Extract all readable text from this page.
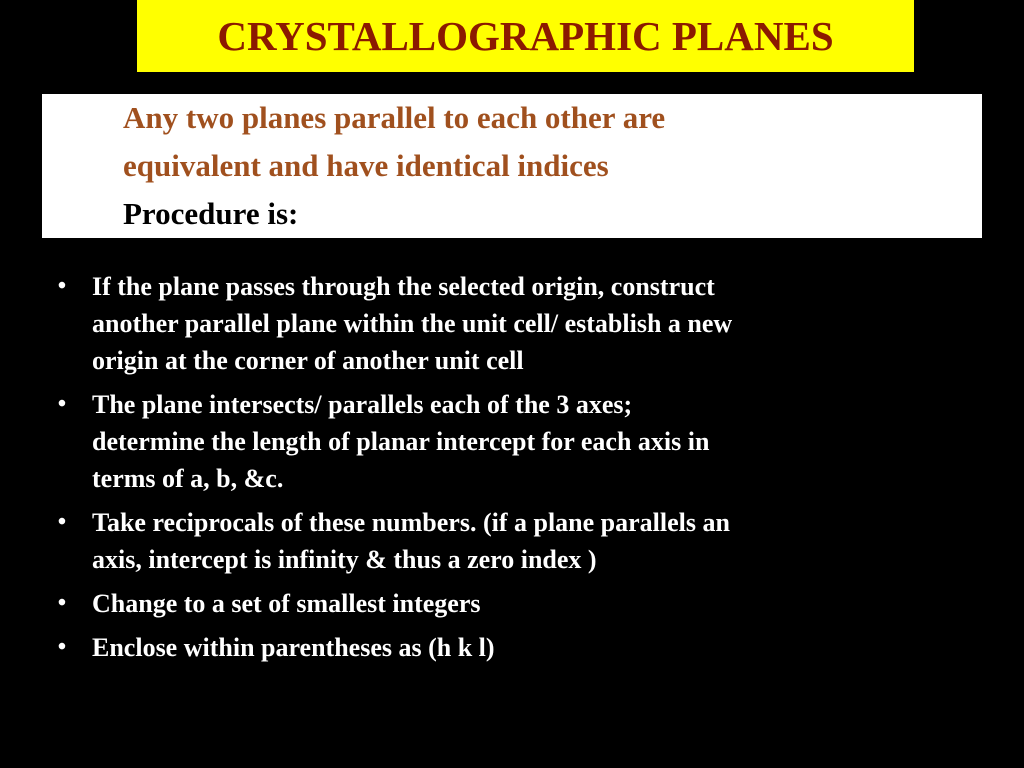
CRYSTALLOGRAPHIC PLANES
Any two planes parallel to each other are
equivalent and have identical indices
Procedure is:
• If the plane passes through the selected origin, construct
another parallel plane within the unit cell/ establish a new
origin at the corner of another unit cell
• The plane intersects/ parallels each of the 3 axes;
determine the length of planar intercept for each axis in
terms of a, b, &c.
• Take reciprocals of these numbers. (if a plane parallels an
axis, intercept is infinity & thus a zero index )
• Change to a set of smallest integers
• Enclose within parentheses as (h k l)
